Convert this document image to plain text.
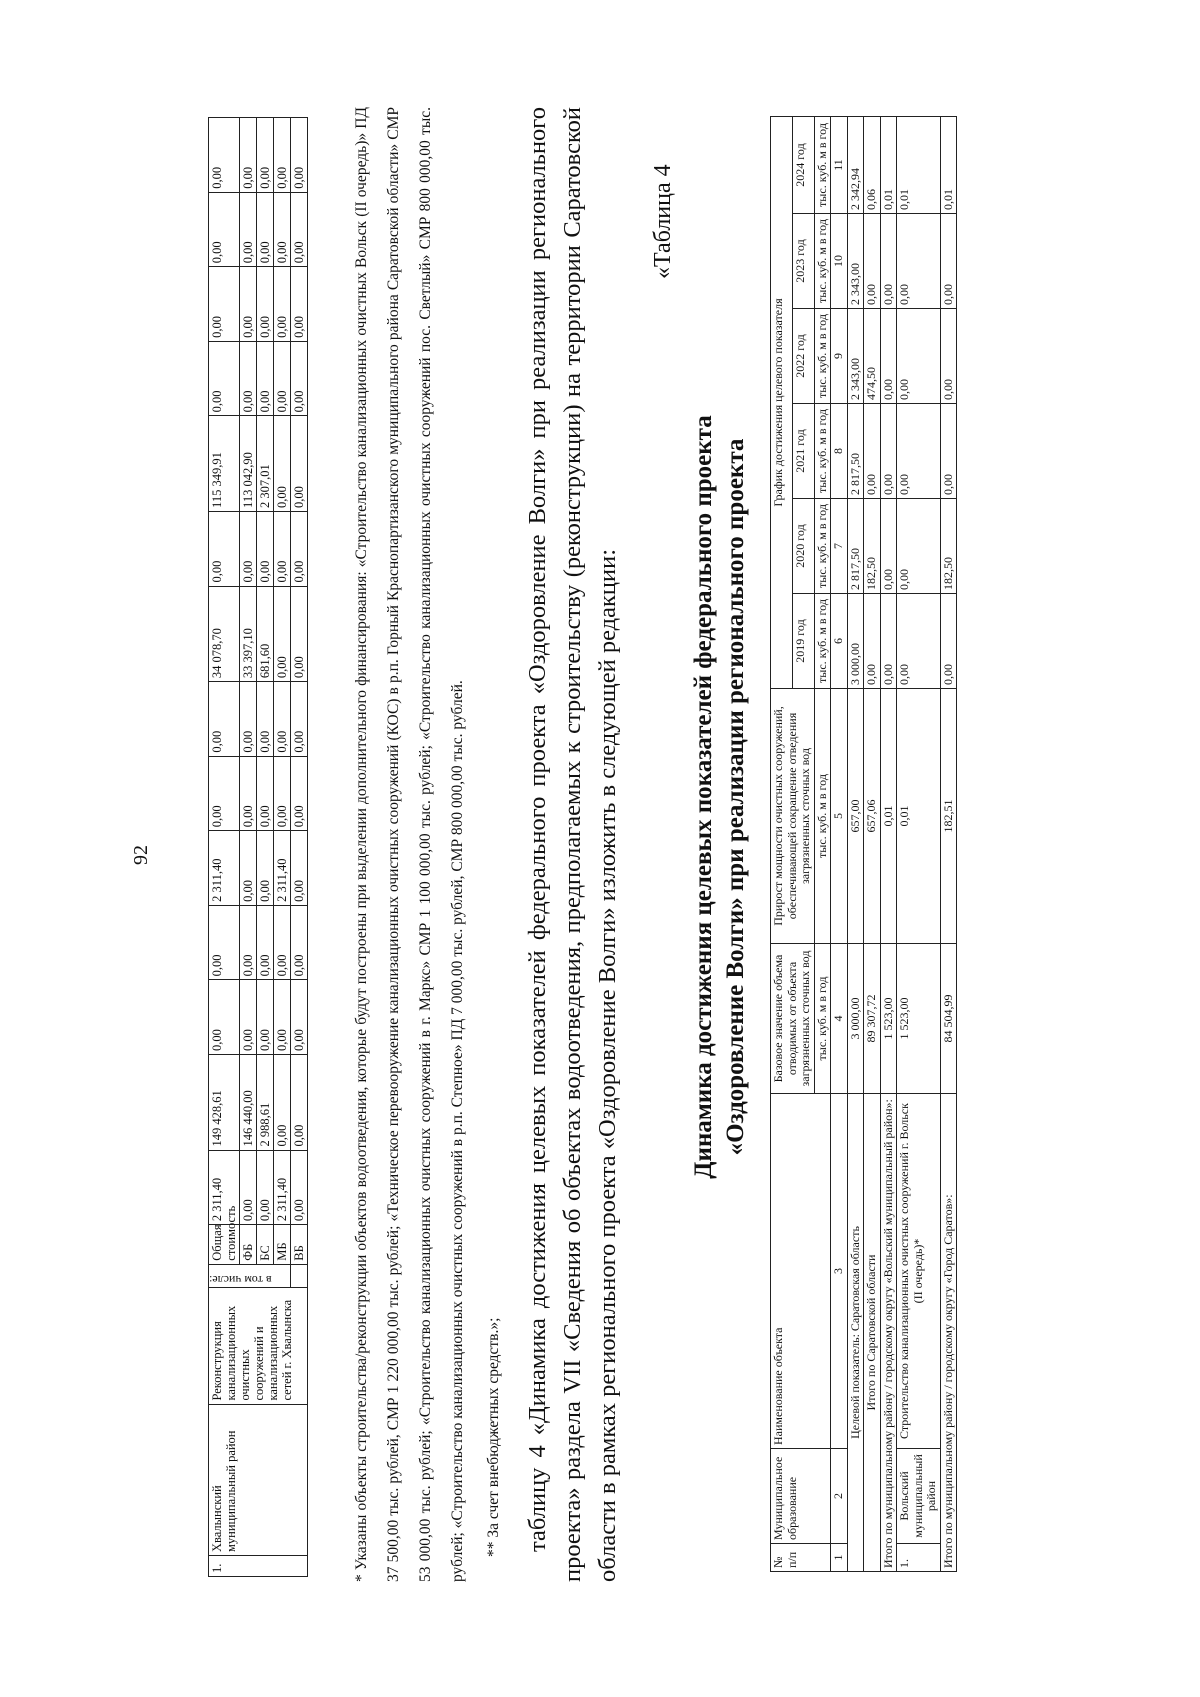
92
1.	Хвалынский муниципальный район	Реконструкция канализационных очистных сооружений и канализационных сетей г. Хвалынска	в том числе:	Общая стоимость	2 311,40	149 428,61	0,00	0,00	2 311,40	0,00	0,00	34 078,70	0,00	115 349,91	0,00	0,00	0,00	0,00
				ФБ	0,00	146 440,00	0,00	0,00	0,00	0,00	0,00	33 397,10	0,00	113 042,90	0,00	0,00	0,00	0,00
				БС	0,00	2 988,61	0,00	0,00	0,00	0,00	0,00	681,60	0,00	2 307,01	0,00	0,00	0,00	0,00
				МБ	2 311,40	0,00	0,00	0,00	2 311,40	0,00	0,00	0,00	0,00	0,00	0,00	0,00	0,00	0,00
				ВБ	0,00	0,00	0,00	0,00	0,00	0,00	0,00	0,00	0,00	0,00	0,00	0,00	0,00	0,00	* Указаны объекты строительства/реконструкции объектов водоотведения, которые будут построены при выделении дополнительного финансирования: «Строительство канализационных очистных Вольск (II очередь)» ПД 37 500,00 тыс. рублей, СМР 1 220 000,00 тыс. рублей; «Техническое перевооружение канализационных очистных сооружений (КОС) в р.п. Горный Краснопартизанского муниципального района Саратовской области» СМР 53 000,00 тыс. рублей; «Строительство канализационных очистных сооружений в г. Маркс» СМР 1 100 000,00 тыс. рублей; «Строительство канализационных очистных сооружений пос. Светлый» СМР 800 000,00 тыс. рублей; «Строительство канализационных очистных сооружений в р.п. Степное» ПД 7 000,00 тыс. рублей, СМР 800 000,00 тыс. рублей.	** За счет внебюджетных средств.»; таблицу 4 «Динамика достижения целевых показателей федерального проекта «Оздоровление Волги» при реализации регионального проекта» раздела VII «Сведения об объектах водоотведения, предполагаемых к строительству (реконструкции) на территории Саратовской области в рамках регионального проекта «Оздоровление Волги» изложить в следующей редакции:
«Таблица 4
Динамика достижения целевых показателей федерального проекта «Оздоровление Волги» при реализации регионального проекта
№ п/п	Муниципальное образование	Наименование объекта	Базовое значение объема отводимых от объекта загрязненных сточных вод	Прирост мощности очистных сооружений, обеспечивающей сокращение отведения загрязненных сточных вод	График достижения целевого показателя					
					2019 год	2020 год	2021 год	2022 год	2023 год	2024 год
			тыс. куб. м в год	тыс. куб. м в год	тыс. куб. м в год	тыс. куб. м в год	тыс. куб. м в год	тыс. куб. м в год	тыс. куб. м в год	тыс. куб. м в год
1	2	3	4	5	6	7	8	9	10	11
Целевой показатель: Саратовская область			3 000,00	657,00	3 000,00	2 817,50	2 817,50	2 343,00	2 343,00	2 342,94
Итого по Саратовской области			89 307,72	657,06	0,00	182,50	0,00	474,50	0,00	0,06
Итого по муниципальному району / городскому округу «Вольский муниципальный район»:			1 523,00	0,01	0,00	0,00	0,00	0,00	0,00	0,01
1.	Вольский муниципальный район	Строительство канализационных очистных сооружений г. Вольск (II очередь)*	1 523,00	0,01	0,00	0,00	0,00	0,00	0,00	0,01
Итого по муниципальному району / городскому округу «Город Саратов»:			84 504,99	182,51	0,00	182,50	0,00	0,00	0,00	0,01
